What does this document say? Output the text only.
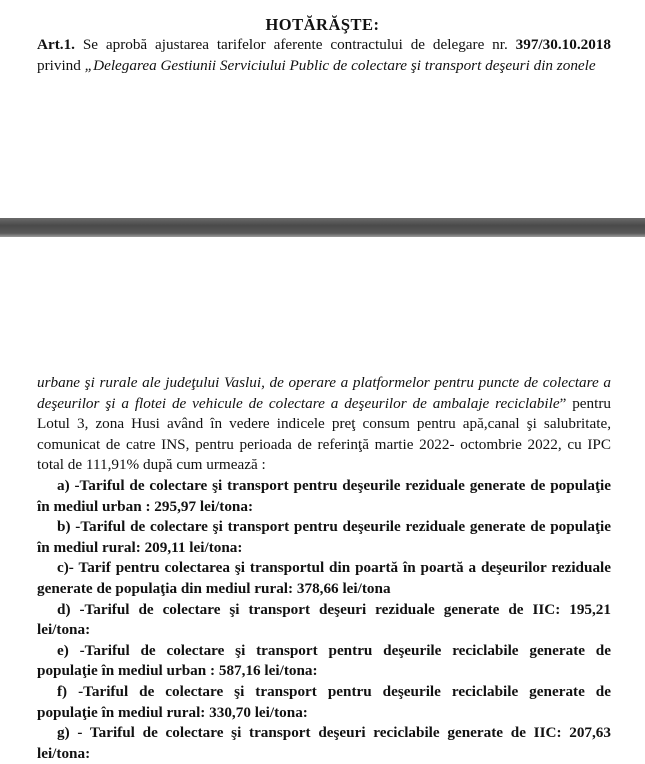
HOTĂRĂŞTE:
Art.1. Se aprobă ajustarea tarifelor aferente contractului de delegare nr. 397/30.10.2018
privind „Delegarea Gestiunii Serviciului Public de colectare şi transport deşeuri din zonele
urbane şi rurale ale judeţului Vaslui, de operare a platformelor pentru puncte de colectare a
deşeurilor şi a flotei de vehicule de colectare a deşeurilor de ambalaje reciclabile” pentru
Lotul 3, zona Husi având în vedere indicele preţ consum pentru apă,canal şi salubritate,
comunicat de catre INS, pentru perioada de referinţă martie 2022- octombrie 2022, cu IPC
total de 111,91% după cum urmează :
a) -Tariful de colectare şi transport pentru deşeurile reziduale generate de populaţie
în mediul urban : 295,97 lei/tona:
b) -Tariful de colectare şi transport pentru deşeurile reziduale generate de populaţie
în mediul rural: 209,11 lei/tona:
c)- Tarif pentru colectarea şi transportul din poartă în poartă a deşeurilor reziduale
generate de populaţia din mediul rural: 378,66 lei/tona
d) -Tariful de colectare şi transport deşeuri reziduale generate de IIC: 195,21
lei/tona:
e) -Tariful de colectare şi transport pentru deşeurile reciclabile generate de
populaţie în mediul urban : 587,16 lei/tona:
f) -Tariful de colectare şi transport pentru deşeurile reciclabile generate de
populaţie în mediul rural: 330,70 lei/tona:
g) - Tariful de colectare şi transport deşeuri reciclabile generate de IIC: 207,63
lei/tona:
